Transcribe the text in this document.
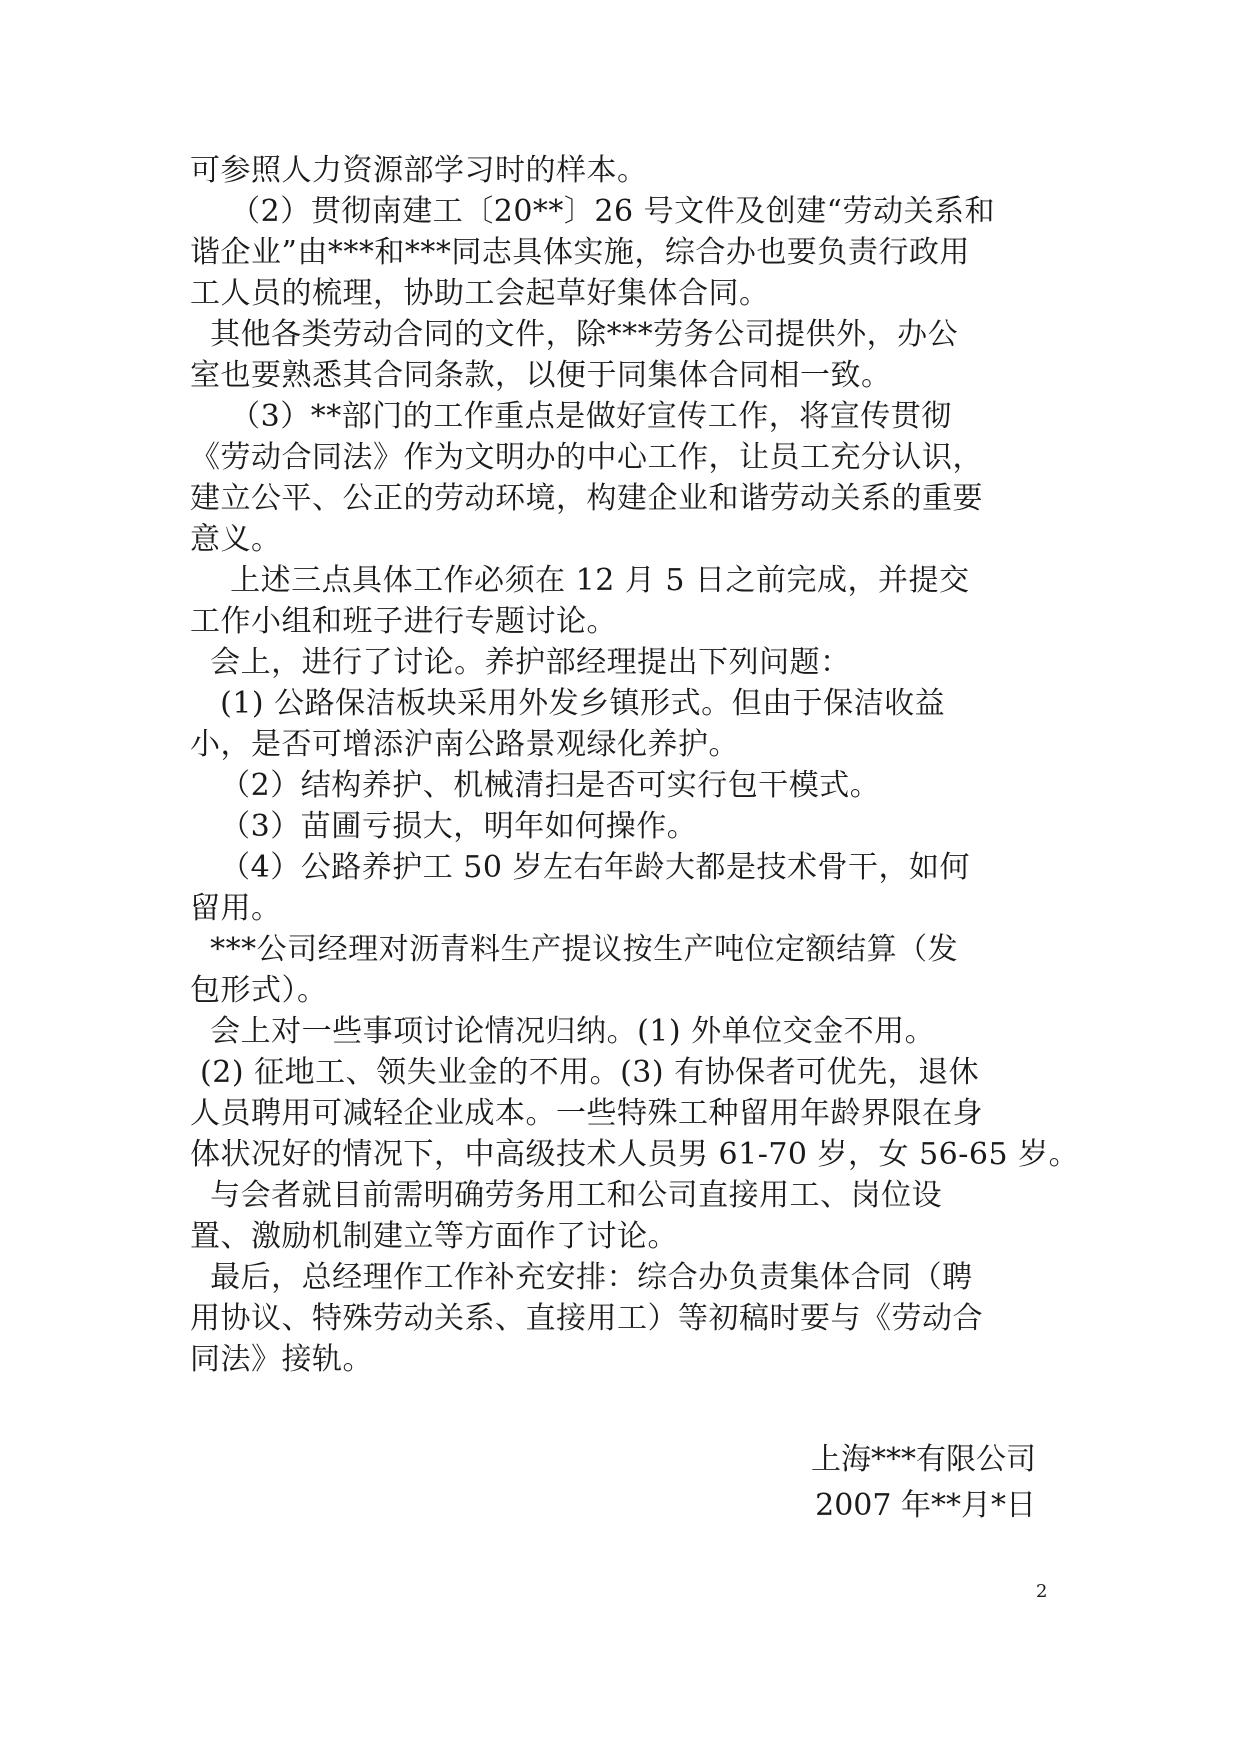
可参照人力资源部学习时的样本。
（2）贯彻南建工〔20**〕26 号文件及创建“劳动关系和
谐企业”由***和***同志具体实施，综合办也要负责行政用
工人员的梳理，协助工会起草好集体合同。
其他各类劳动合同的文件，除***劳务公司提供外，办公
室也要熟悉其合同条款，以便于同集体合同相一致。
（3）**部门的工作重点是做好宣传工作，将宣传贯彻
《劳动合同法》作为文明办的中心工作，让员工充分认识，
建立公平、公正的劳动环境，构建企业和谐劳动关系的重要
意义。
上述三点具体工作必须在 12 月 5 日之前完成，并提交
工作小组和班子进行专题讨论。
会上，进行了讨论。养护部经理提出下列问题：
(1) 公路保洁板块采用外发乡镇形式。但由于保洁收益
小，是否可增添沪南公路景观绿化养护。
（2）结构养护、机械清扫是否可实行包干模式。
（3）苗圃亏损大，明年如何操作。
（4）公路养护工 50 岁左右年龄大都是技术骨干，如何
留用。
***公司经理对沥青料生产提议按生产吨位定额结算（发
包形式）。
会上对一些事项讨论情况归纳。(1) 外单位交金不用。
(2) 征地工、领失业金的不用。(3) 有协保者可优先，退休
人员聘用可减轻企业成本。一些特殊工种留用年龄界限在身
体状况好的情况下，中高级技术人员男 61-70 岁，女 56-65 岁。
与会者就目前需明确劳务用工和公司直接用工、岗位设
置、激励机制建立等方面作了讨论。
最后，总经理作工作补充安排：综合办负责集体合同（聘
用协议、特殊劳动关系、直接用工）等初稿时要与《劳动合
同法》接轨。
上海***有限公司
2007 年**月*日
2
